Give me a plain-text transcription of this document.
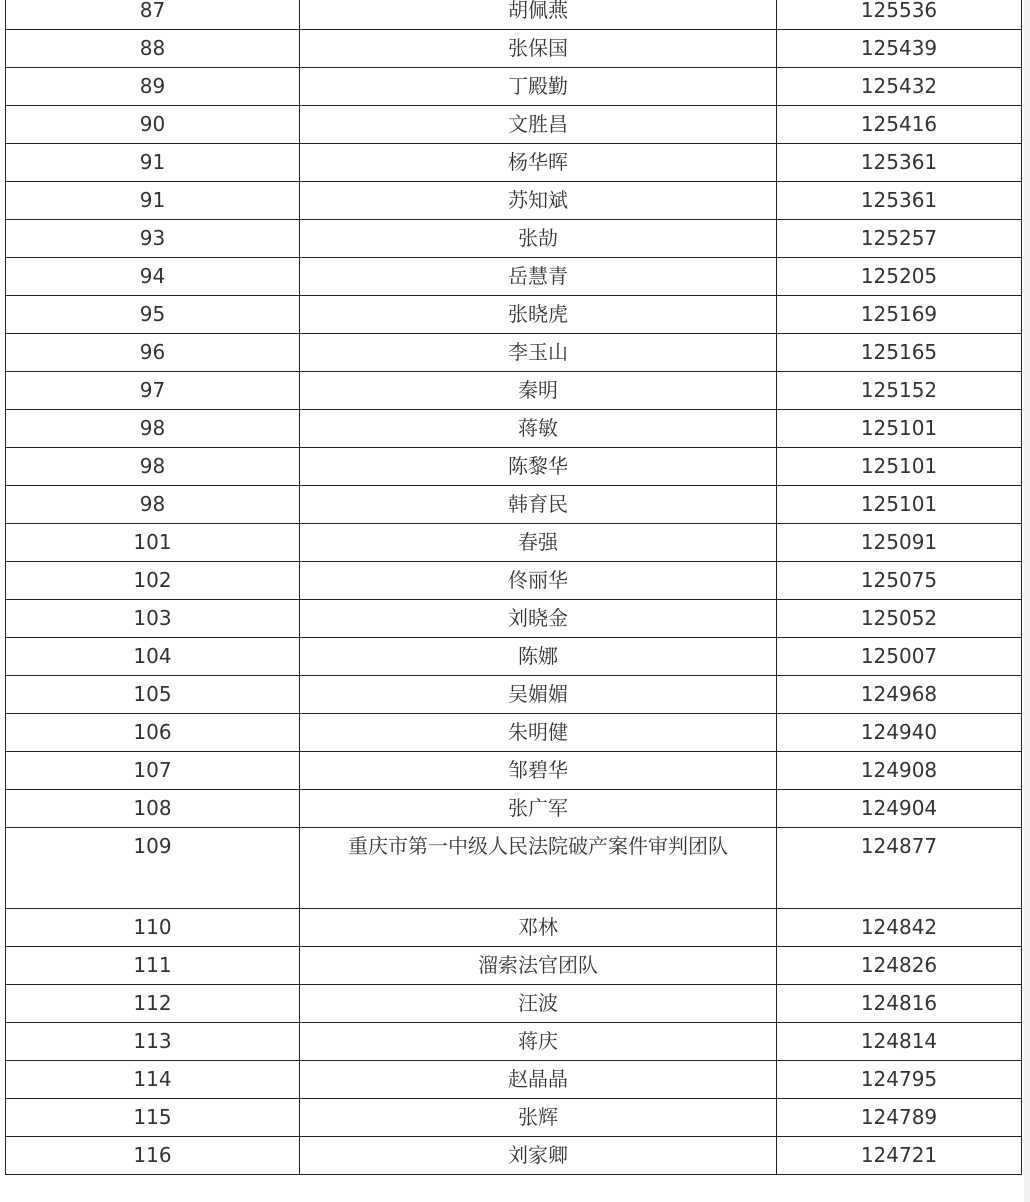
87	胡佩燕	125536
88	张保国	125439
89	丁殿勤	125432
90	文胜昌	125416
91	杨华晖	125361
91	苏知斌	125361
93	张劼	125257
94	岳慧青	125205
95	张晓虎	125169
96	李玉山	125165
97	秦明	125152
98	蒋敏	125101
98	陈黎华	125101
98	韩育民	125101
101	春强	125091
102	佟丽华	125075
103	刘晓金	125052
104	陈娜	125007
105	吴媚媚	124968
106	朱明健	124940
107	邹碧华	124908
108	张广军	124904
109	重庆市第一中级人民法院破产案件审判团队	124877
110	邓林	124842
111	溜索法官团队	124826
112	汪波	124816
113	蒋庆	124814
114	赵晶晶	124795
115	张辉	124789
116	刘家卿	124721
